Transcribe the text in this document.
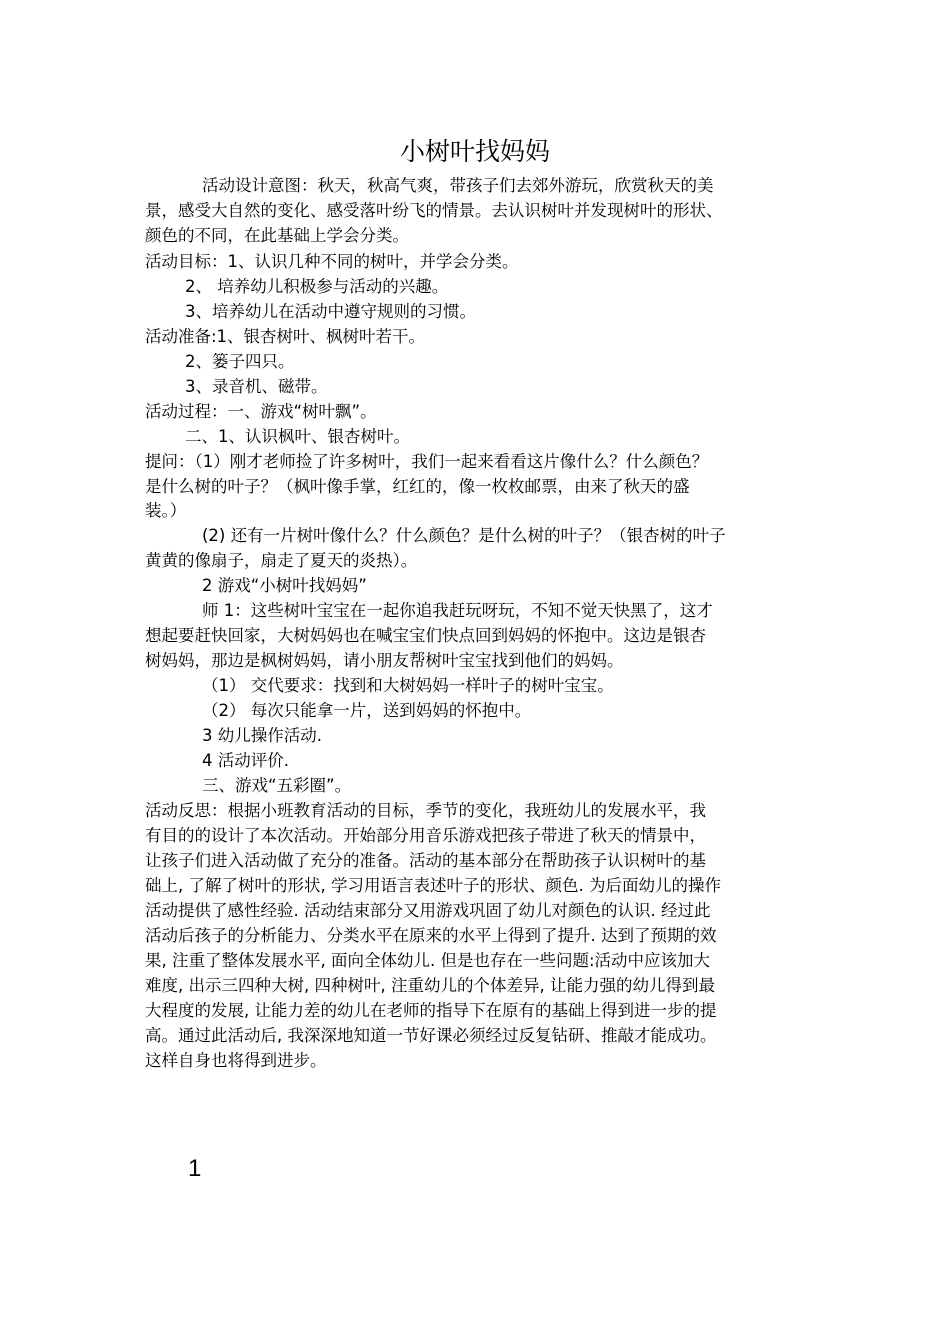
小树叶找妈妈
活动设计意图：秋天，秋高气爽，带孩子们去郊外游玩，欣赏秋天的美
景，感受大自然的变化、感受落叶纷飞的情景。去认识树叶并发现树叶的形状、
颜色的不同，在此基础上学会分类。
活动目标：1、认识几种不同的树叶，并学会分类。
2、 培养幼儿积极参与活动的兴趣。
3、培养幼儿在活动中遵守规则的习惯。
活动准备:1、银杏树叶、枫树叶若干。
2、篓子四只。
3、录音机、磁带。
活动过程：一、游戏“树叶飘”。
二、1、认识枫叶、银杏树叶。
提问：（1）刚才老师捡了许多树叶，我们一起来看看这片像什么？什么颜色？
是什么树的叶子？（枫叶像手掌，红红的，像一枚枚邮票，由来了秋天的盛
装。）
(2) 还有一片树叶像什么？什么颜色？是什么树的叶子？（银杏树的叶子
黄黄的像扇子，扇走了夏天的炎热）。
2 游戏“小树叶找妈妈”
师 1：这些树叶宝宝在一起你追我赶玩呀玩，不知不觉天快黑了，这才
想起要赶快回家，大树妈妈也在喊宝宝们快点回到妈妈的怀抱中。这边是银杏
树妈妈，那边是枫树妈妈，请小朋友帮树叶宝宝找到他们的妈妈。
（1） 交代要求：找到和大树妈妈一样叶子的树叶宝宝。
（2） 每次只能拿一片，送到妈妈的怀抱中。
3 幼儿操作活动.
4 活动评价.
三、游戏“五彩圈”。
活动反思：根据小班教育活动的目标，季节的变化，我班幼儿的发展水平，我
有目的的设计了本次活动。开始部分用音乐游戏把孩子带进了秋天的情景中，
让孩子们进入活动做了充分的准备。活动的基本部分在帮助孩子认识树叶的基
础上, 了解了树叶的形状, 学习用语言表述叶子的形状、颜色. 为后面幼儿的操作
活动提供了感性经验. 活动结束部分又用游戏巩固了幼儿对颜色的认识. 经过此
活动后孩子的分析能力、分类水平在原来的水平上得到了提升. 达到了预期的效
果, 注重了整体发展水平, 面向全体幼儿. 但是也存在一些问题:活动中应该加大
难度, 出示三四种大树, 四种树叶, 注重幼儿的个体差异, 让能力强的幼儿得到最
大程度的发展, 让能力差的幼儿在老师的指导下在原有的基础上得到进一步的提
高。通过此活动后, 我深深地知道一节好课必须经过反复钻研、推敲才能成功。
这样自身也将得到进步。
1
